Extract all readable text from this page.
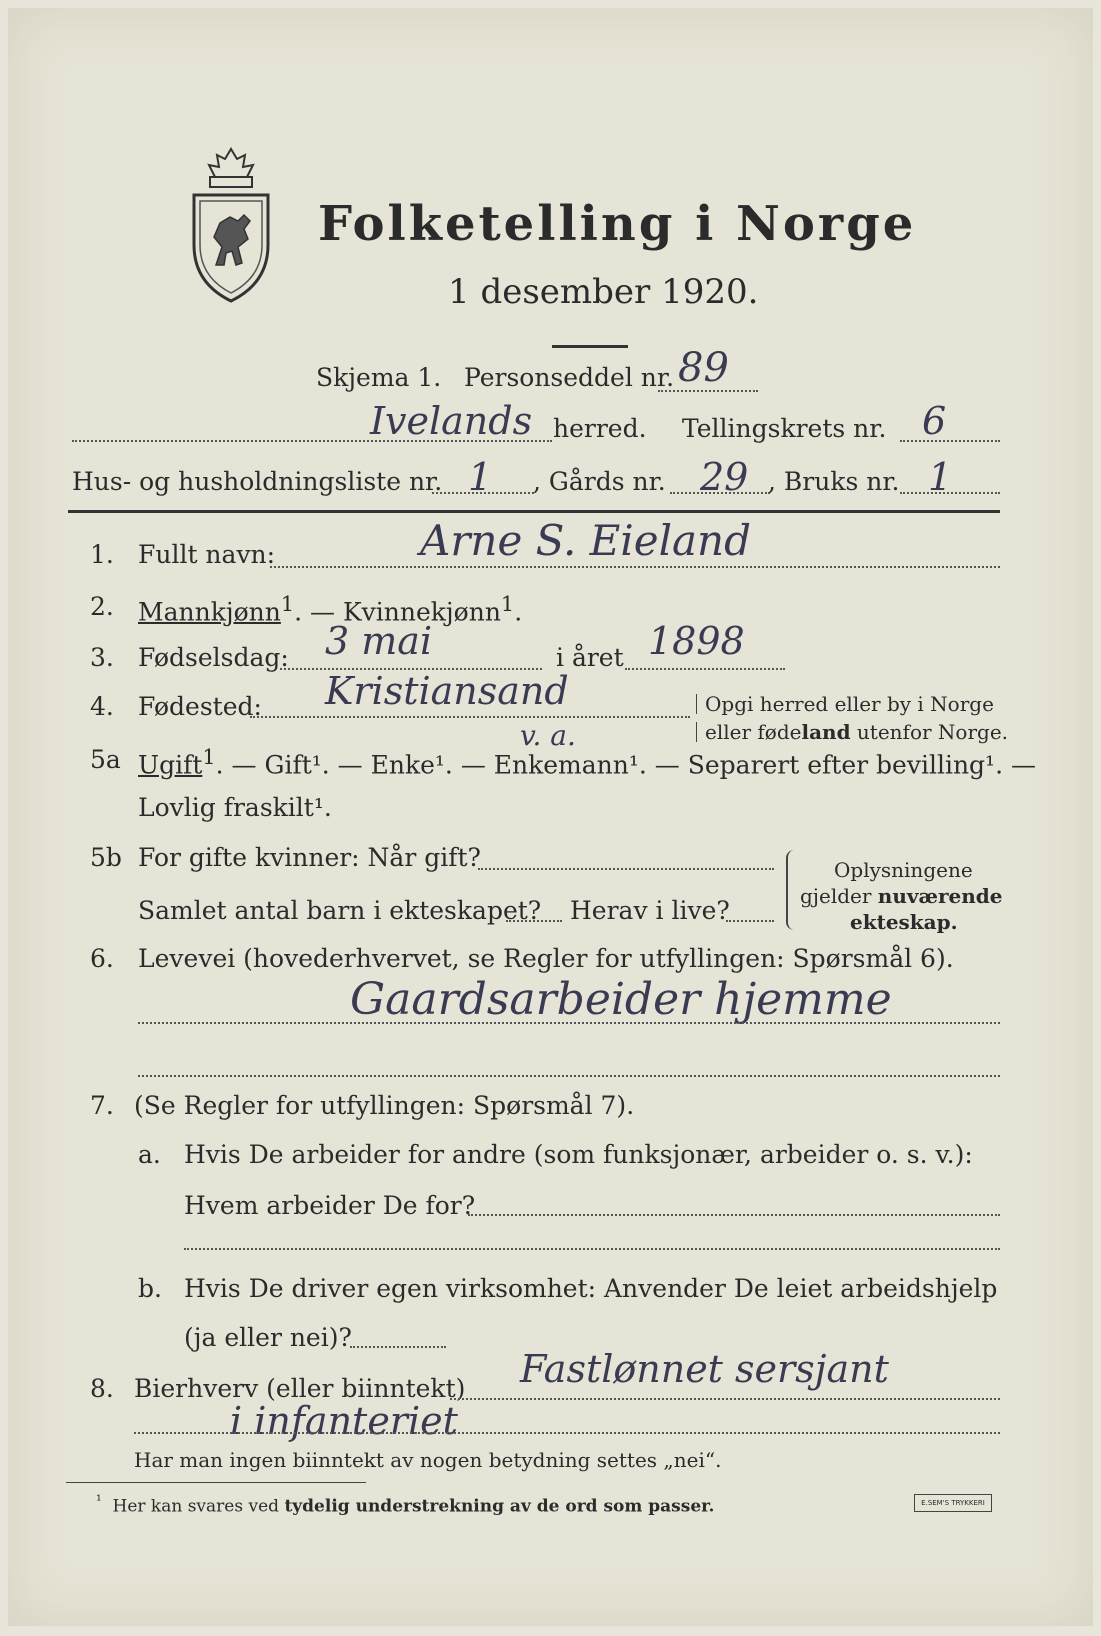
Folketelling i Norge
1 desember 1920.
Skjema 1. Personseddel nr. 89
Ivelands herred. Tellingskrets nr. 6
Hus- og husholdningsliste nr. 1 , Gårds nr. 29 , Bruks nr. 1
1. Fullt navn:	Arne S. Eieland
2. Mannkjønn$^1$. — Kvinnekjønn$^1$.
3. Fødselsdag: 3 mai	i året 1898
4. Fødested: Kristiansand	Opgi herred eller by i Norge
eller fødeland utenfor Norge.
5a Ugift$^1$. — Gift¹. — Enke¹. — Enkemann¹. — Separert efter bevilling¹. —
v. a.
Lovlig fraskilt¹.
5b For gifte kvinner: Når gift?
Samlet antal barn i ekteskapet? Herav i live?
Oplysningene
gjelder nuværende
ekteskap.
6. Levevei (hovederhvervet, se Regler for utfyllingen: Spørsmål 6).
Gaardsarbeider hjemme
7. (Se Regler for utfyllingen: Spørsmål 7).
a. Hvis De arbeider for andre (som funksjonær, arbeider o. s. v.):
Hvem arbeider De for?
b. Hvis De driver egen virksomhet: Anvender De leiet arbeidshjelp
(ja eller nei)?
8. Bierhverv (eller biinntekt) Fastlønnet sersjant
i infanteriet
Har man ingen biinntekt av nogen betydning settes „nei“.
$^{^1}$ Her kan svares ved tydelig understrekning av de ord som passer.	E.SEM'S TRYKKERI
